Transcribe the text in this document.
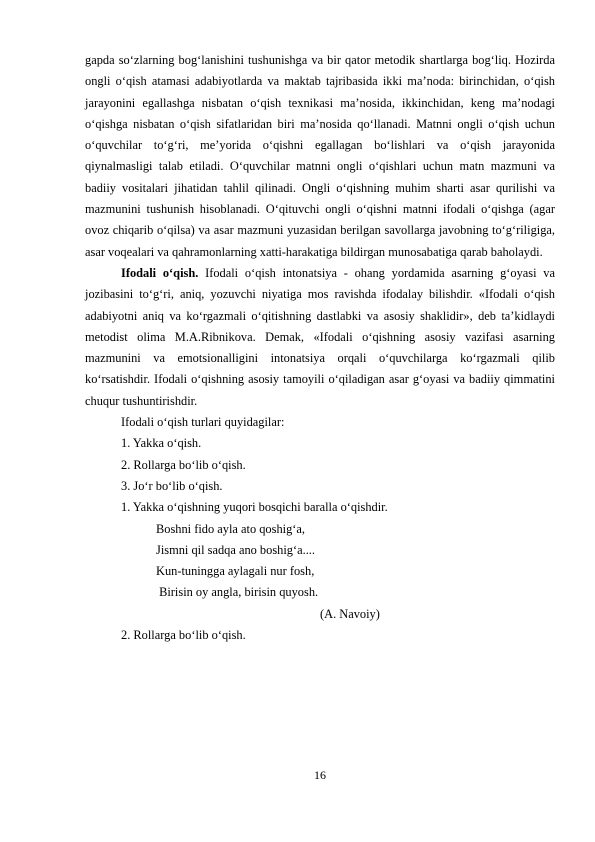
gapda so‘zlarning bog‘lanishini tushunishga va bir qator metodik shartlarga bog‘liq. Hozirda ongli o‘qish atamasi adabiyotlarda va maktab tajribasida ikki ma’noda: birinchidan, o‘qish jarayonini egallashga nisbatan o‘qish texnikasi ma’nosida, ikkinchidan, keng ma’nodagi o‘qishga nisbatan o‘qish sifatlaridan biri ma’nosida qo‘llanadi. Matnni ongli o‘qish uchun o‘quvchilar to‘g‘ri, me’yorida o‘qishni egallagan bo‘lishlari va o‘qish jarayonida qiynalmasligi talab etiladi. O‘quvchilar matnni ongli o‘qishlari uchun matn mazmuni va badiiy vositalari jihatidan tahlil qilinadi. Ongli o‘qishning muhim sharti asar qurilishi va mazmunini tushunish hisoblanadi. O‘qituvchi ongli o‘qishni matnni ifodali o‘qishga (agar ovoz chiqarib o‘qilsa) va asar mazmuni yuzasidan berilgan savollarga javobning to‘g‘riligiga, asar voqealari va qahramonlarning xatti-harakatiga bildirgan munosabatiga qarab baholaydi.

Ifodali o‘qish. Ifodali o‘qish intonatsiya - ohang yordamida asarning g‘oyasi va jozibasini to‘g‘ri, aniq, yozuvchi niyatiga mos ravishda ifodalay bilishdir. «Ifodali o‘qish adabiyotni aniq va ko‘rgazmali o‘qitishning dastlabki va asosiy shaklidir», deb ta’kidlaydi metodist olima M.A.Ribnikova. Demak, «Ifodali o‘qishning asosiy vazifasi asarning mazmunini va emotsionalligini intonatsiya orqali o‘quvchilarga ko‘rgazmali qilib ko‘rsatishdir. Ifodali o‘qishning asosiy tamoyili o‘qiladigan asar g‘oyasi va badiiy qimmatini chuqur tushuntirishdir.

Ifodali o‘qish turlari quyidagilar:

1. Yakka o‘qish.

2. Rollarga bo‘lib o‘qish.

3. Jo‘r bo‘lib o‘qish.

1. Yakka o‘qishning yuqori bosqichi baralla o‘qishdir.

Boshni fido ayla ato qoshig‘a,

Jismni qil sadqa ano boshig‘a....

Kun-tuningga aylagali nur fosh,

Birisin oy angla, birisin quyosh.

(A. Navoiy)

2. Rollarga bo‘lib o‘qish.

16
